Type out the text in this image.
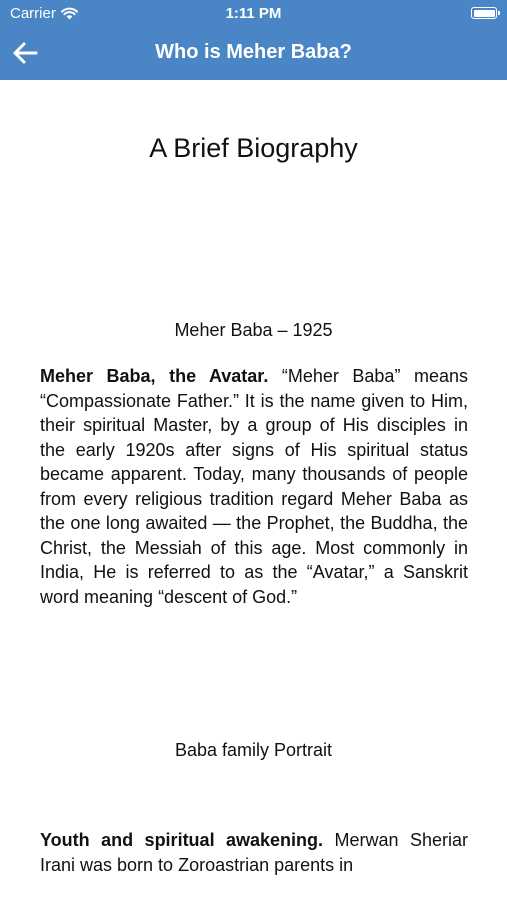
Carrier	1:11 PM
Who is Meher Baba?
A Brief Biography

Meher Baba – 1925

Meher Baba, the Avatar. “Meher Baba” means “Compassionate Father.” It is the name given to Him, their spiritual Master, by a group of His disciples in the early 1920s after signs of His spiritual status became apparent. Today, many thousands of people from every religious tradition regard Meher Baba as the one long awaited — the Prophet, the Buddha, the Christ, the Messiah of this age. Most commonly in India, He is referred to as the “Avatar,” a Sanskrit word meaning “descent of God.”

Baba family Portrait

Youth and spiritual awakening. Merwan Sheriar Irani was born to Zoroastrian parents in
